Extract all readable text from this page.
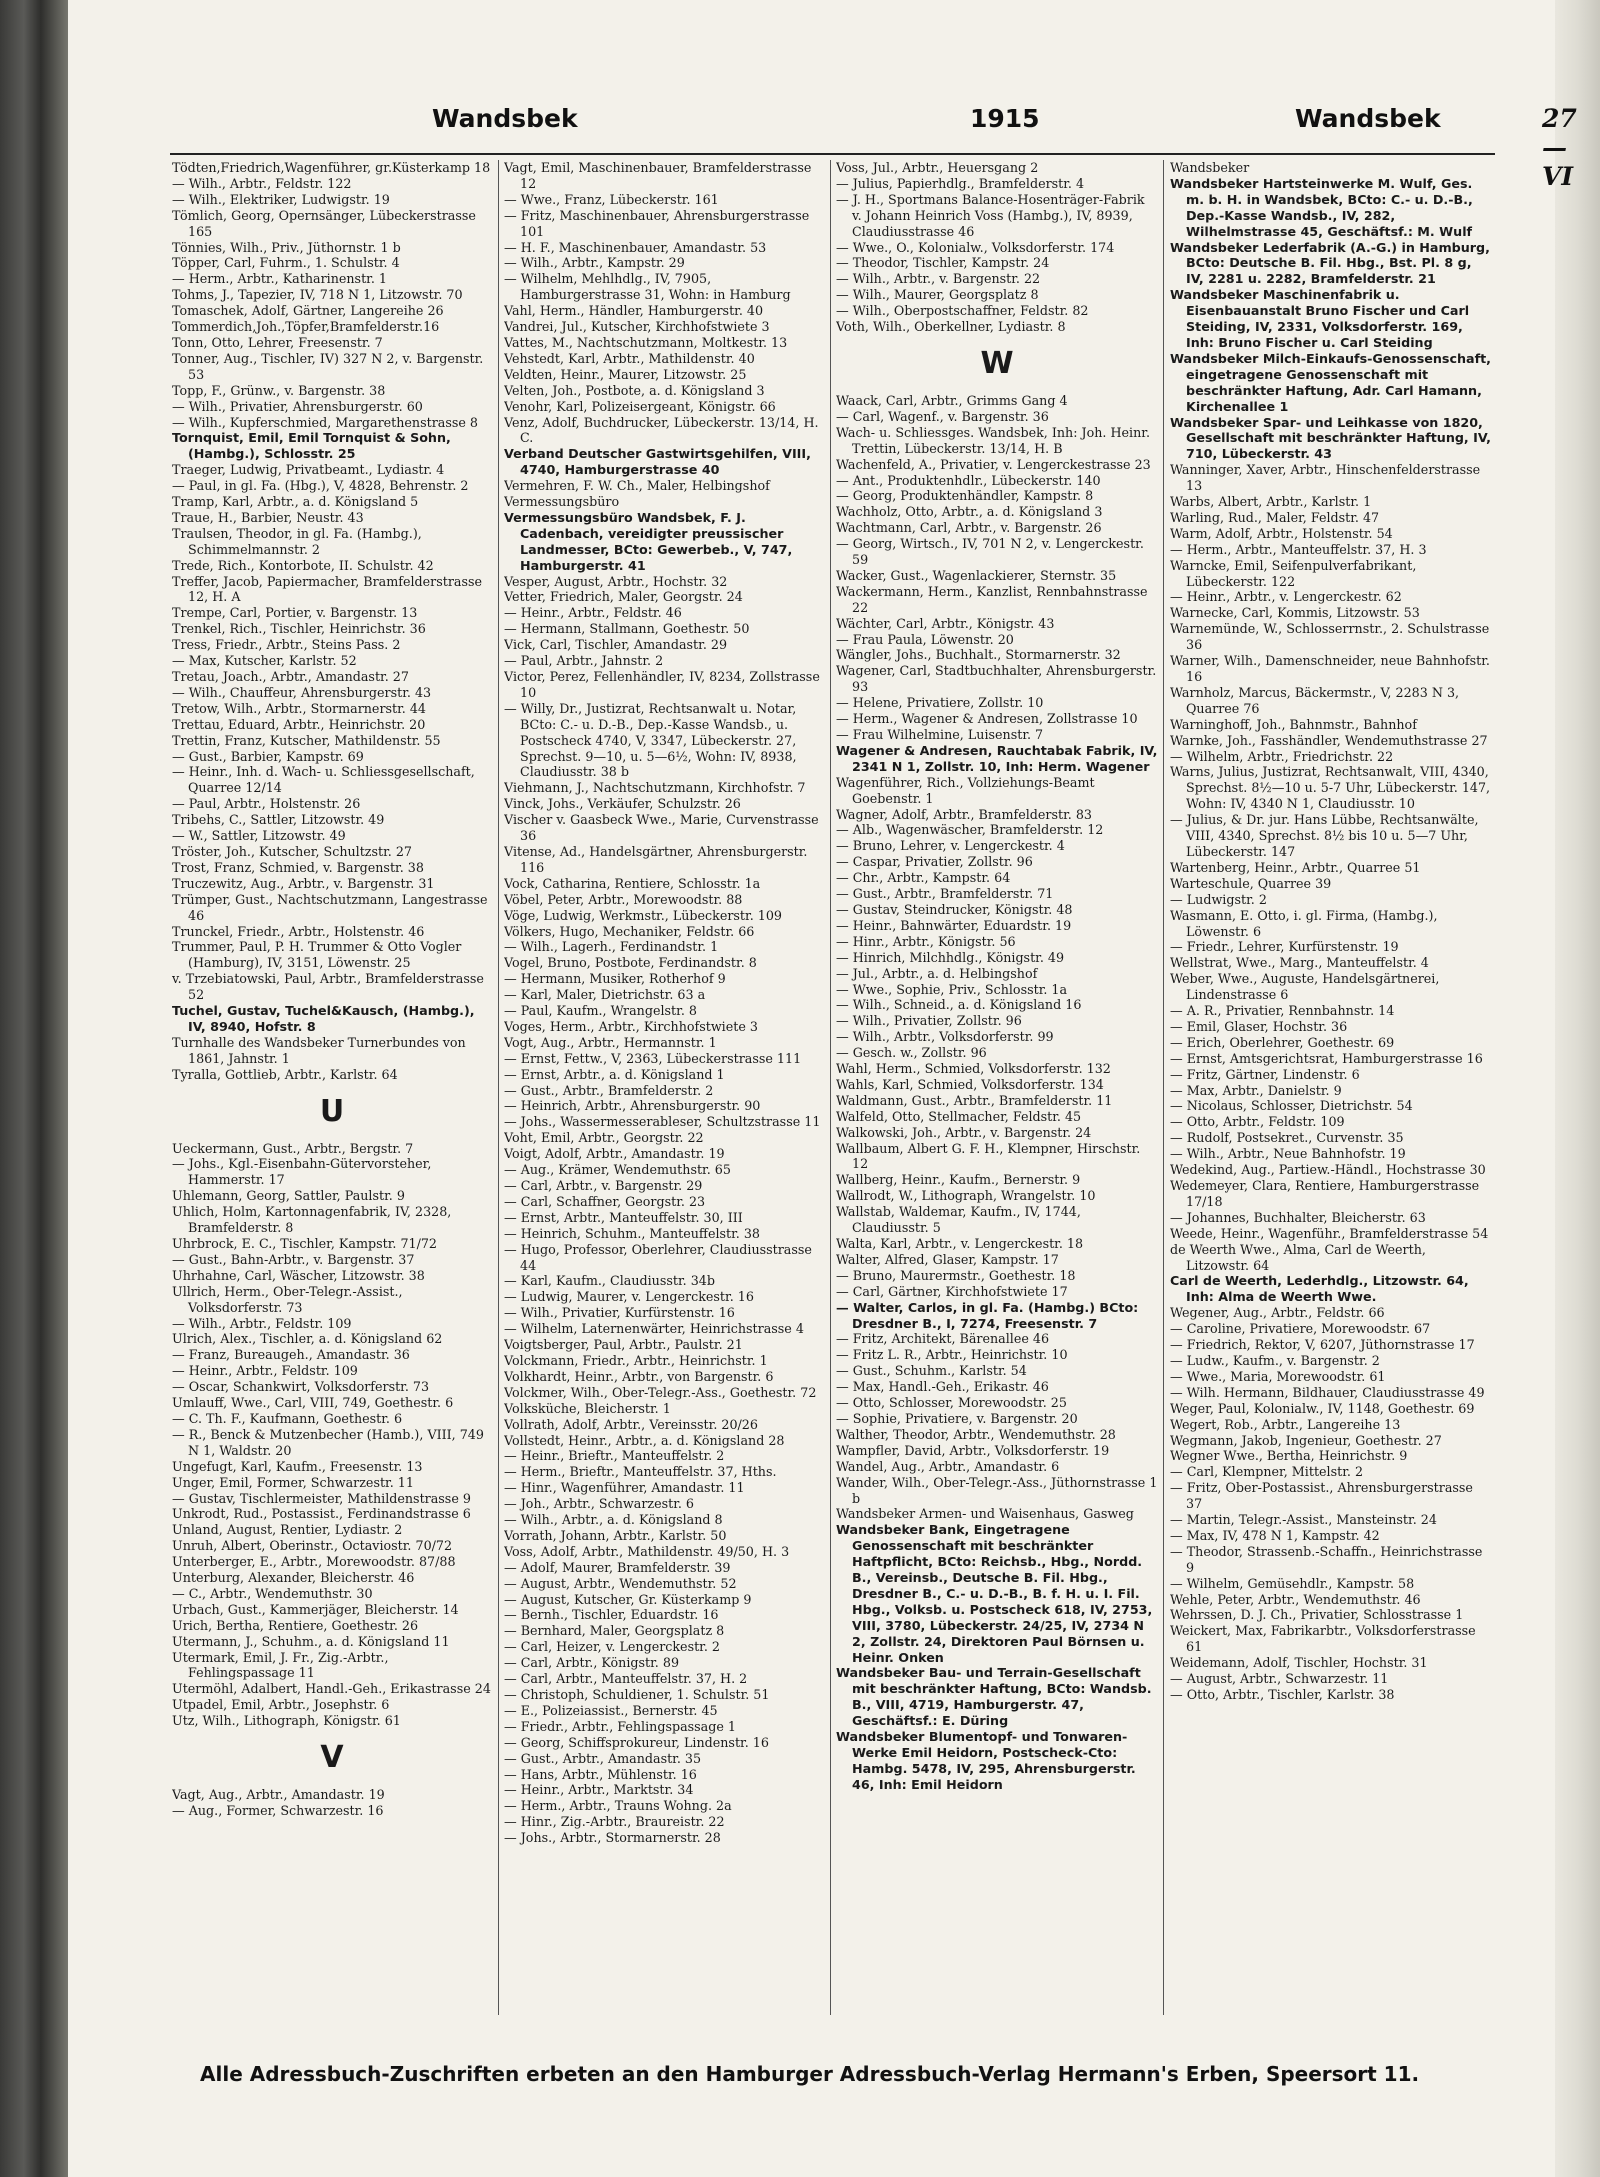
Wandsbek	1915	Wandsbek	27—VI

Tödten,Friedrich,Wagenführer, gr.Küsterkamp 18

— Wilh., Arbtr., Feldstr. 122

— Wilh., Elektriker, Ludwigstr. 19

Tömlich, Georg, Opernsänger, Lübeckerstrasse 165

Tönnies, Wilh., Priv., Jüthornstr. 1 b

Töpper, Carl, Fuhrm., 1. Schulstr. 4

— Herm., Arbtr., Katharinenstr. 1

Tohms, J., Tapezier, IV, 718 N 1, Litzowstr. 70

Tomaschek, Adolf, Gärtner, Langereihe 26

Tommerdich,Joh.,Töpfer,Bramfelderstr.16

Tonn, Otto, Lehrer, Freesenstr. 7

Tonner, Aug., Tischler, IV) 327 N 2, v. Bargenstr. 53

Topp, F., Grünw., v. Bargenstr. 38

— Wilh., Privatier, Ahrensburgerstr. 60

— Wilh., Kupferschmied, Margarethenstrasse 8

Tornquist, Emil, Emil Tornquist & Sohn, (Hambg.), Schlosstr. 25

Traeger, Ludwig, Privatbeamt., Lydiastr. 4

— Paul, in gl. Fa. (Hbg.), V, 4828, Behrenstr. 2

Tramp, Karl, Arbtr., a. d. Königsland 5

Traue, H., Barbier, Neustr. 43

Traulsen, Theodor, in gl. Fa. (Hambg.), Schimmelmannstr. 2

Trede, Rich., Kontorbote, II. Schulstr. 42

Treffer, Jacob, Papiermacher, Bramfelderstrasse 12, H. A

Trempe, Carl, Portier, v. Bargenstr. 13

Trenkel, Rich., Tischler, Heinrichstr. 36

Tress, Friedr., Arbtr., Steins Pass. 2

— Max, Kutscher, Karlstr. 52

Tretau, Joach., Arbtr., Amandastr. 27

— Wilh., Chauffeur, Ahrensburgerstr. 43

Tretow, Wilh., Arbtr., Stormarnerstr. 44

Trettau, Eduard, Arbtr., Heinrichstr. 20

Trettin, Franz, Kutscher, Mathildenstr. 55

— Gust., Barbier, Kampstr. 69

— Heinr., Inh. d. Wach- u. Schliessgesellschaft, Quarree 12/14

— Paul, Arbtr., Holstenstr. 26

Tribehs, C., Sattler, Litzowstr. 49

— W., Sattler, Litzowstr. 49

Tröster, Joh., Kutscher, Schultzstr. 27

Trost, Franz, Schmied, v. Bargenstr. 38

Truczewitz, Aug., Arbtr., v. Bargenstr. 31

Trümper, Gust., Nachtschutzmann, Langestrasse 46

Trunckel, Friedr., Arbtr., Holstenstr. 46

Trummer, Paul, P. H. Trummer & Otto Vogler (Hamburg), IV, 3151, Löwenstr. 25

v. Trzebiatowski, Paul, Arbtr., Bramfelderstrasse 52

Tuchel, Gustav, Tuchel&Kausch, (Hambg.), IV, 8940, Hofstr. 8

Turnhalle des Wandsbeker Turnerbundes von 1861, Jahnstr. 1

Tyralla, Gottlieb, Arbtr., Karlstr. 64

U

Ueckermann, Gust., Arbtr., Bergstr. 7

— Johs., Kgl.-Eisenbahn-Gütervorsteher, Hammerstr. 17

Uhlemann, Georg, Sattler, Paulstr. 9

Uhlich, Holm, Kartonnagenfabrik, IV, 2328, Bramfelderstr. 8

Uhrbrock, E. C., Tischler, Kampstr. 71/72

— Gust., Bahn-Arbtr., v. Bargenstr. 37

Uhrhahne, Carl, Wäscher, Litzowstr. 38

Ullrich, Herm., Ober-Telegr.-Assist., Volksdorferstr. 73

— Wilh., Arbtr., Feldstr. 109

Ulrich, Alex., Tischler, a. d. Königsland 62

— Franz, Bureaugeh., Amandastr. 36

— Heinr., Arbtr., Feldstr. 109

— Oscar, Schankwirt, Volksdorferstr. 73

Umlauff, Wwe., Carl, VIII, 749, Goethestr. 6

— C. Th. F., Kaufmann, Goethestr. 6

— R., Benck & Mutzenbecher (Hamb.), VIII, 749 N 1, Waldstr. 20

Ungefugt, Karl, Kaufm., Freesenstr. 13

Unger, Emil, Former, Schwarzestr. 11

— Gustav, Tischlermeister, Mathildenstrasse 9

Unkrodt, Rud., Postassist., Ferdinandstrasse 6

Unland, August, Rentier, Lydiastr. 2

Unruh, Albert, Oberinstr., Octaviostr. 70/72

Unterberger, E., Arbtr., Morewoodstr. 87/88

Unterburg, Alexander, Bleicherstr. 46

— C., Arbtr., Wendemuthstr. 30

Urbach, Gust., Kammerjäger, Bleicherstr. 14

Urich, Bertha, Rentiere, Goethestr. 26

Utermann, J., Schuhm., a. d. Königsland 11

Utermark, Emil, J. Fr., Zig.-Arbtr., Fehlingspassage 11

Utermöhl, Adalbert, Handl.-Geh., Erikastrasse 24

Utpadel, Emil, Arbtr., Josephstr. 6

Utz, Wilh., Lithograph, Königstr. 61

V

Vagt, Aug., Arbtr., Amandastr. 19

— Aug., Former, Schwarzestr. 16

Vagt, Emil, Maschinenbauer, Bramfelderstrasse 12

— Wwe., Franz, Lübeckerstr. 161

— Fritz, Maschinenbauer, Ahrensburgerstrasse 101

— H. F., Maschinenbauer, Amandastr. 53

— Wilh., Arbtr., Kampstr. 29

— Wilhelm, Mehlhdlg., IV, 7905, Hamburgerstrasse 31, Wohn: in Hamburg

Vahl, Herm., Händler, Hamburgerstr. 40

Vandrei, Jul., Kutscher, Kirchhofstwiete 3

Vattes, M., Nachtschutzmann, Moltkestr. 13

Vehstedt, Karl, Arbtr., Mathildenstr. 40

Veldten, Heinr., Maurer, Litzowstr. 25

Velten, Joh., Postbote, a. d. Königsland 3

Venohr, Karl, Polizeisergeant, Königstr. 66

Venz, Adolf, Buchdrucker, Lübeckerstr. 13/14, H. C.

Verband Deutscher Gastwirtsgehilfen, VIII, 4740, Hamburgerstrasse 40

Vermehren, F. W. Ch., Maler, Helbingshof

Vermessungsbüro

Vermessungsbüro Wandsbek, F. J. Cadenbach, vereidigter preussischer Landmesser, BCto: Gewerbeb., V, 747, Hamburgerstr. 41

Vesper, August, Arbtr., Hochstr. 32

Vetter, Friedrich, Maler, Georgstr. 24

— Heinr., Arbtr., Feldstr. 46

— Hermann, Stallmann, Goethestr. 50

Vick, Carl, Tischler, Amandastr. 29

— Paul, Arbtr., Jahnstr. 2

Victor, Perez, Fellenhändler, IV, 8234, Zollstrasse 10

— Willy, Dr., Justizrat, Rechtsanwalt u. Notar, BCto: C.- u. D.-B., Dep.-Kasse Wandsb., u. Postscheck 4740, V, 3347, Lübeckerstr. 27, Sprechst. 9—10, u. 5—6½, Wohn: IV, 8938, Claudiusstr. 38 b

Viehmann, J., Nachtschutzmann, Kirchhofstr. 7

Vinck, Johs., Verkäufer, Schulzstr. 26

Vischer v. Gaasbeck Wwe., Marie, Curvenstrasse 36

Vitense, Ad., Handelsgärtner, Ahrensburgerstr. 116

Vock, Catharina, Rentiere, Schlosstr. 1a

Vöbel, Peter, Arbtr., Morewoodstr. 88

Vöge, Ludwig, Werkmstr., Lübeckerstr. 109

Völkers, Hugo, Mechaniker, Feldstr. 66

— Wilh., Lagerh., Ferdinandstr. 1

Vogel, Bruno, Postbote, Ferdinandstr. 8

— Hermann, Musiker, Rotherhof 9

— Karl, Maler, Dietrichstr. 63 a

— Paul, Kaufm., Wrangelstr. 8

Voges, Herm., Arbtr., Kirchhofstwiete 3

Vogt, Aug., Arbtr., Hermannstr. 1

— Ernst, Fettw., V, 2363, Lübeckerstrasse 111

— Ernst, Arbtr., a. d. Königsland 1

— Gust., Arbtr., Bramfelderstr. 2

— Heinrich, Arbtr., Ahrensburgerstr. 90

— Johs., Wassermesserableser, Schultzstrasse 11

Voht, Emil, Arbtr., Georgstr. 22

Voigt, Adolf, Arbtr., Amandastr. 19

— Aug., Krämer, Wendemuthstr. 65

— Carl, Arbtr., v. Bargenstr. 29

— Carl, Schaffner, Georgstr. 23

— Ernst, Arbtr., Manteuffelstr. 30, III

— Heinrich, Schuhm., Manteuffelstr. 38

— Hugo, Professor, Oberlehrer, Claudiusstrasse 44

— Karl, Kaufm., Claudiusstr. 34b

— Ludwig, Maurer, v. Lengerckestr. 16

— Wilh., Privatier, Kurfürstenstr. 16

— Wilhelm, Laternenwärter, Heinrichstrasse 4

Voigtsberger, Paul, Arbtr., Paulstr. 21

Volckmann, Friedr., Arbtr., Heinrichstr. 1

Volkhardt, Heinr., Arbtr., von Bargenstr. 6

Volckmer, Wilh., Ober-Telegr.-Ass., Goethestr. 72

Volksküche, Bleicherstr. 1

Vollrath, Adolf, Arbtr., Vereinsstr. 20/26

Vollstedt, Heinr., Arbtr., a. d. Königsland 28

— Heinr., Brieftr., Manteuffelstr. 2

— Herm., Brieftr., Manteuffelstr. 37, Hths.

— Hinr., Wagenführer, Amandastr. 11

— Joh., Arbtr., Schwarzestr. 6

— Wilh., Arbtr., a. d. Königsland 8

Vorrath, Johann, Arbtr., Karlstr. 50

Voss, Adolf, Arbtr., Mathildenstr. 49/50, H. 3

— Adolf, Maurer, Bramfelderstr. 39

— August, Arbtr., Wendemuthstr. 52

— August, Kutscher, Gr. Küsterkamp 9

— Bernh., Tischler, Eduardstr. 16

— Bernhard, Maler, Georgsplatz 8

— Carl, Heizer, v. Lengerckestr. 2

— Carl, Arbtr., Königstr. 89

— Carl, Arbtr., Manteuffelstr. 37, H. 2

— Christoph, Schuldiener, 1. Schulstr. 51

— E., Polizeiassist., Bernerstr. 45

— Friedr., Arbtr., Fehlingspassage 1

— Georg, Schiffsprokureur, Lindenstr. 16

— Gust., Arbtr., Amandastr. 35

— Hans, Arbtr., Mühlenstr. 16

— Heinr., Arbtr., Marktstr. 34

— Herm., Arbtr., Trauns Wohng. 2a

— Hinr., Zig.-Arbtr., Braureistr. 22

— Johs., Arbtr., Stormarnerstr. 28

Voss, Jul., Arbtr., Heuersgang 2

— Julius, Papierhdlg., Bramfelderstr. 4

— J. H., Sportmans Balance-Hosenträger-Fabrik v. Johann Heinrich Voss (Hambg.), IV, 8939, Claudiusstrasse 46

— Wwe., O., Kolonialw., Volksdorferstr. 174

— Theodor, Tischler, Kampstr. 24

— Wilh., Arbtr., v. Bargenstr. 22

— Wilh., Maurer, Georgsplatz 8

— Wilh., Oberpostschaffner, Feldstr. 82

Voth, Wilh., Oberkellner, Lydiastr. 8

W

Waack, Carl, Arbtr., Grimms Gang 4

— Carl, Wagenf., v. Bargenstr. 36

Wach- u. Schliessges. Wandsbek, Inh: Joh. Heinr. Trettin, Lübeckerstr. 13/14, H. B

Wachenfeld, A., Privatier, v. Lengerckestrasse 23

— Ant., Produktenhdlr., Lübeckerstr. 140

— Georg, Produktenhändler, Kampstr. 8

Wachholz, Otto, Arbtr., a. d. Königsland 3

Wachtmann, Carl, Arbtr., v. Bargenstr. 26

— Georg, Wirtsch., IV, 701 N 2, v. Lengerckestr. 59

Wacker, Gust., Wagenlackierer, Sternstr. 35

Wackermann, Herm., Kanzlist, Rennbahnstrasse 22

Wächter, Carl, Arbtr., Königstr. 43

— Frau Paula, Löwenstr. 20

Wängler, Johs., Buchhalt., Stormarnerstr. 32

Wagener, Carl, Stadtbuchhalter, Ahrensburgerstr. 93

— Helene, Privatiere, Zollstr. 10

— Herm., Wagener & Andresen, Zollstrasse 10

— Frau Wilhelmine, Luisenstr. 7

Wagener & Andresen, Rauchtabak Fabrik, IV, 2341 N 1, Zollstr. 10, Inh: Herm. Wagener

Wagenführer, Rich., Vollziehungs-Beamt Goebenstr. 1

Wagner, Adolf, Arbtr., Bramfelderstr. 83

— Alb., Wagenwäscher, Bramfelderstr. 12

— Bruno, Lehrer, v. Lengerckestr. 4

— Caspar, Privatier, Zollstr. 96

— Chr., Arbtr., Kampstr. 64

— Gust., Arbtr., Bramfelderstr. 71

— Gustav, Steindrucker, Königstr. 48

— Heinr., Bahnwärter, Eduardstr. 19

— Hinr., Arbtr., Königstr. 56

— Hinrich, Milchhdlg., Königstr. 49

— Jul., Arbtr., a. d. Helbingshof

— Wwe., Sophie, Priv., Schlosstr. 1a

— Wilh., Schneid., a. d. Königsland 16

— Wilh., Privatier, Zollstr. 96

— Wilh., Arbtr., Volksdorferstr. 99

— Gesch. w., Zollstr. 96

Wahl, Herm., Schmied, Volksdorferstr. 132

Wahls, Karl, Schmied, Volksdorferstr. 134

Waldmann, Gust., Arbtr., Bramfelderstr. 11

Walfeld, Otto, Stellmacher, Feldstr. 45

Walkowski, Joh., Arbtr., v. Bargenstr. 24

Wallbaum, Albert G. F. H., Klempner, Hirschstr. 12

Wallberg, Heinr., Kaufm., Bernerstr. 9

Wallrodt, W., Lithograph, Wrangelstr. 10

Wallstab, Waldemar, Kaufm., IV, 1744, Claudiusstr. 5

Walta, Karl, Arbtr., v. Lengerckestr. 18

Walter, Alfred, Glaser, Kampstr. 17

— Bruno, Maurermstr., Goethestr. 18

— Carl, Gärtner, Kirchhofstwiete 17

— Walter, Carlos, in gl. Fa. (Hambg.) BCto: Dresdner B., I, 7274, Freesenstr. 7

— Fritz, Architekt, Bärenallee 46

— Fritz L. R., Arbtr., Heinrichstr. 10

— Gust., Schuhm., Karlstr. 54

— Max, Handl.-Geh., Erikastr. 46

— Otto, Schlosser, Morewoodstr. 25

— Sophie, Privatiere, v. Bargenstr. 20

Walther, Theodor, Arbtr., Wendemuthstr. 28

Wampfler, David, Arbtr., Volksdorferstr. 19

Wandel, Aug., Arbtr., Amandastr. 6

Wander, Wilh., Ober-Telegr.-Ass., Jüthornstrasse 1 b

Wandsbeker Armen- und Waisenhaus, Gasweg

Wandsbeker Bank, Eingetragene Genossenschaft mit beschränkter Haftpflicht, BCto: Reichsb., Hbg., Nordd. B., Vereinsb., Deutsche B. Fil. Hbg., Dresdner B., C.- u. D.-B., B. f. H. u. I. Fil. Hbg., Volksb. u. Postscheck 618, IV, 2753, VIII, 3780, Lübeckerstr. 24/25, IV, 2734 N 2, Zollstr. 24, Direktoren Paul Börnsen u. Heinr. Onken

Wandsbeker Bau- und Terrain-Gesellschaft mit beschränkter Haftung, BCto: Wandsb. B., VIII, 4719, Hamburgerstr. 47, Geschäftsf.: E. Düring

Wandsbeker Blumentopf- und Tonwaren-Werke Emil Heidorn, Postscheck-Cto: Hambg. 5478, IV, 295, Ahrensburgerstr. 46, Inh: Emil Heidorn

Wandsbeker

Wandsbeker Hartsteinwerke M. Wulf, Ges. m. b. H. in Wandsbek, BCto: C.- u. D.-B., Dep.-Kasse Wandsb., IV, 282, Wilhelmstrasse 45, Geschäftsf.: M. Wulf

Wandsbeker Lederfabrik (A.-G.) in Hamburg, BCto: Deutsche B. Fil. Hbg., Bst. Pl. 8 g, IV, 2281 u. 2282, Bramfelderstr. 21

Wandsbeker Maschinenfabrik u. Eisenbauanstalt Bruno Fischer und Carl Steiding, IV, 2331, Volksdorferstr. 169, Inh: Bruno Fischer u. Carl Steiding

Wandsbeker Milch-Einkaufs-Genossenschaft, eingetragene Genossenschaft mit beschränkter Haftung, Adr. Carl Hamann, Kirchenallee 1

Wandsbeker Spar- und Leihkasse von 1820, Gesellschaft mit beschränkter Haftung, IV, 710, Lübeckerstr. 43

Wanninger, Xaver, Arbtr., Hinschenfelderstrasse 13

Warbs, Albert, Arbtr., Karlstr. 1

Warling, Rud., Maler, Feldstr. 47

Warm, Adolf, Arbtr., Holstenstr. 54

— Herm., Arbtr., Manteuffelstr. 37, H. 3

Warncke, Emil, Seifenpulverfabrikant, Lübeckerstr. 122

— Heinr., Arbtr., v. Lengerckestr. 62

Warnecke, Carl, Kommis, Litzowstr. 53

Warnemünde, W., Schlosserrnstr., 2. Schulstrasse 36

Warner, Wilh., Damenschneider, neue Bahnhofstr. 16

Warnholz, Marcus, Bäckermstr., V, 2283 N 3, Quarree 76

Warninghoff, Joh., Bahnmstr., Bahnhof

Warnke, Joh., Fasshändler, Wendemuthstrasse 27

— Wilhelm, Arbtr., Friedrichstr. 22

Warns, Julius, Justizrat, Rechtsanwalt, VIII, 4340, Sprechst. 8½—10 u. 5-7 Uhr, Lübeckerstr. 147, Wohn: IV, 4340 N 1, Claudiusstr. 10

— Julius, & Dr. jur. Hans Lübbe, Rechtsanwälte, VIII, 4340, Sprechst. 8½ bis 10 u. 5—7 Uhr, Lübeckerstr. 147

Wartenberg, Heinr., Arbtr., Quarree 51

Warteschule, Quarree 39

— Ludwigstr. 2

Wasmann, E. Otto, i. gl. Firma, (Hambg.), Löwenstr. 6

— Friedr., Lehrer, Kurfürstenstr. 19

Wellstrat, Wwe., Marg., Manteuffelstr. 4

Weber, Wwe., Auguste, Handelsgärtnerei, Lindenstrasse 6

— A. R., Privatier, Rennbahnstr. 14

— Emil, Glaser, Hochstr. 36

— Erich, Oberlehrer, Goethestr. 69

— Ernst, Amtsgerichtsrat, Hamburgerstrasse 16

— Fritz, Gärtner, Lindenstr. 6

— Max, Arbtr., Danielstr. 9

— Nicolaus, Schlosser, Dietrichstr. 54

— Otto, Arbtr., Feldstr. 109

— Rudolf, Postsekret., Curvenstr. 35

— Wilh., Arbtr., Neue Bahnhofstr. 19

Wedekind, Aug., Partiew.-Händl., Hochstrasse 30

Wedemeyer, Clara, Rentiere, Hamburgerstrasse 17/18

— Johannes, Buchhalter, Bleicherstr. 63

Weede, Heinr., Wagenführ., Bramfelderstrasse 54

de Weerth Wwe., Alma, Carl de Weerth, Litzowstr. 64

Carl de Weerth, Lederhdlg., Litzowstr. 64, Inh: Alma de Weerth Wwe.

Wegener, Aug., Arbtr., Feldstr. 66

— Caroline, Privatiere, Morewoodstr. 67

— Friedrich, Rektor, V, 6207, Jüthornstrasse 17

— Ludw., Kaufm., v. Bargenstr. 2

— Wwe., Maria, Morewoodstr. 61

— Wilh. Hermann, Bildhauer, Claudiusstrasse 49

Weger, Paul, Kolonialw., IV, 1148, Goethestr. 69

Wegert, Rob., Arbtr., Langereihe 13

Wegmann, Jakob, Ingenieur, Goethestr. 27

Wegner Wwe., Bertha, Heinrichstr. 9

— Carl, Klempner, Mittelstr. 2

— Fritz, Ober-Postassist., Ahrensburgerstrasse 37

— Martin, Telegr.-Assist., Mansteinstr. 24

— Max, IV, 478 N 1, Kampstr. 42

— Theodor, Strassenb.-Schaffn., Heinrichstrasse 9

— Wilhelm, Gemüsehdlr., Kampstr. 58

Wehle, Peter, Arbtr., Wendemuthstr. 46

Wehrssen, D. J. Ch., Privatier, Schlosstrasse 1

Weickert, Max, Fabrikarbtr., Volksdorferstrasse 61

Weidemann, Adolf, Tischler, Hochstr. 31

— August, Arbtr., Schwarzestr. 11

— Otto, Arbtr., Tischler, Karlstr. 38

Alle Adressbuch-Zuschriften erbeten an den Hamburger Adressbuch-Verlag Hermann's Erben, Speersort 11.
